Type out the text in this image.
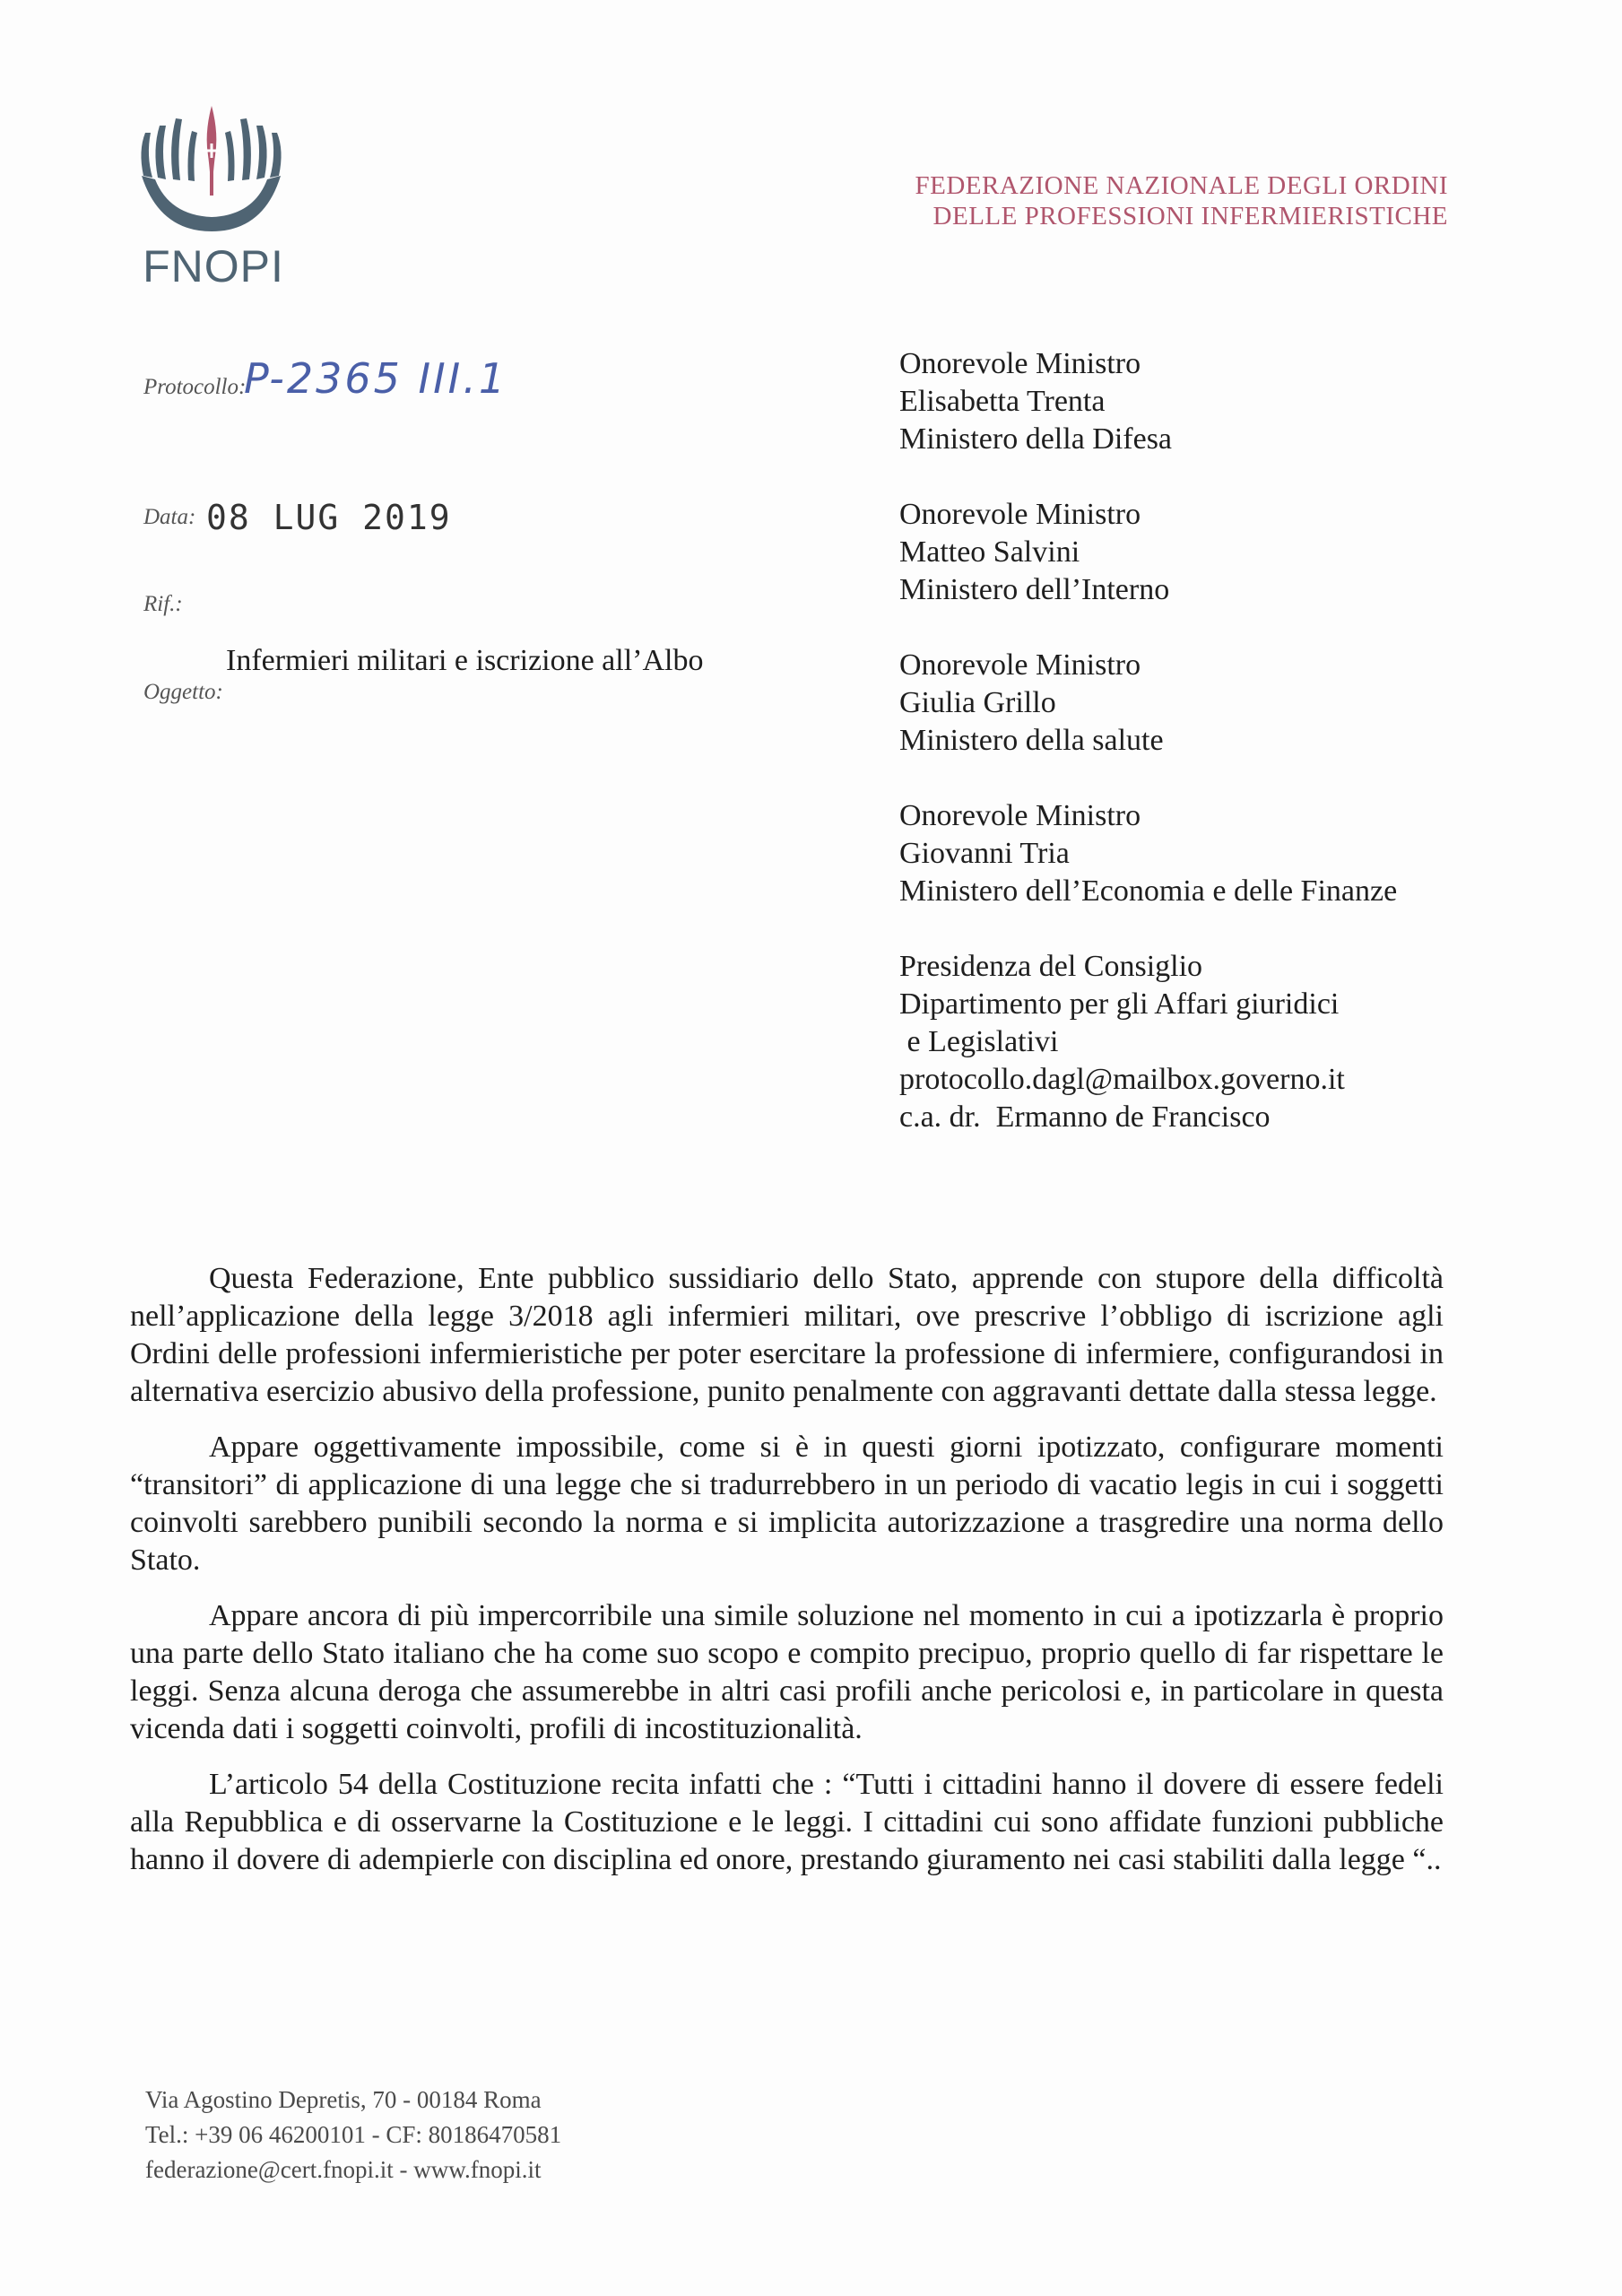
FNOPI
FEDERAZIONE NAZIONALE DEGLI ORDINI
DELLE PROFESSIONI INFERMIERISTICHE
Protocollo:
P-2365 III.1
Data: 08 LUG 2019
Rif.:
Infermieri militari e iscrizione all’Albo
Oggetto:
Onorevole Ministro
Elisabetta Trenta
Ministero della Difesa
Onorevole Ministro
Matteo Salvini
Ministero dell’Interno
Onorevole Ministro
Giulia Grillo
Ministero della salute
Onorevole Ministro
Giovanni Tria
Ministero dell’Economia e delle Finanze
Presidenza del Consiglio
Dipartimento per gli Affari giuridici
e Legislativi
protocollo.dagl@mailbox.governo.it
c.a. dr.  Ermanno de Francisco

Questa Federazione, Ente pubblico sussidiario dello Stato, apprende con stupore della difficoltà nell’applicazione della legge 3/2018 agli infermieri militari, ove prescrive l’obbligo di iscrizione agli Ordini delle professioni infermieristiche per poter esercitare la professione di infermiere, configurandosi in alternativa esercizio abusivo della professione, punito penalmente con aggravanti dettate dalla stessa legge.

Appare oggettivamente impossibile, come si è in questi giorni ipotizzato, configurare momenti “transitori” di applicazione di una legge che si tradurrebbero in un periodo di vacatio legis in cui i soggetti coinvolti sarebbero punibili secondo la norma e si implicita autorizzazione a trasgredire una norma dello Stato.

Appare ancora di più impercorribile una simile soluzione nel momento in cui a ipotizzarla è proprio una parte dello Stato italiano che ha come suo scopo e compito precipuo, proprio quello di far rispettare le leggi. Senza alcuna deroga che assumerebbe in altri casi profili anche pericolosi e, in particolare in questa vicenda dati i soggetti coinvolti, profili di incostituzionalità.

L’articolo 54 della Costituzione recita infatti che : “Tutti i cittadini hanno il dovere di essere fedeli alla Repubblica e di osservarne la Costituzione e le leggi. I cittadini cui sono affidate funzioni pubbliche hanno il dovere di adempierle con disciplina ed onore, prestando giuramento nei casi stabiliti dalla legge “..

Via Agostino Depretis, 70 - 00184 Roma
Tel.: +39 06 46200101 - CF: 80186470581
federazione@cert.fnopi.it - www.fnopi.it
